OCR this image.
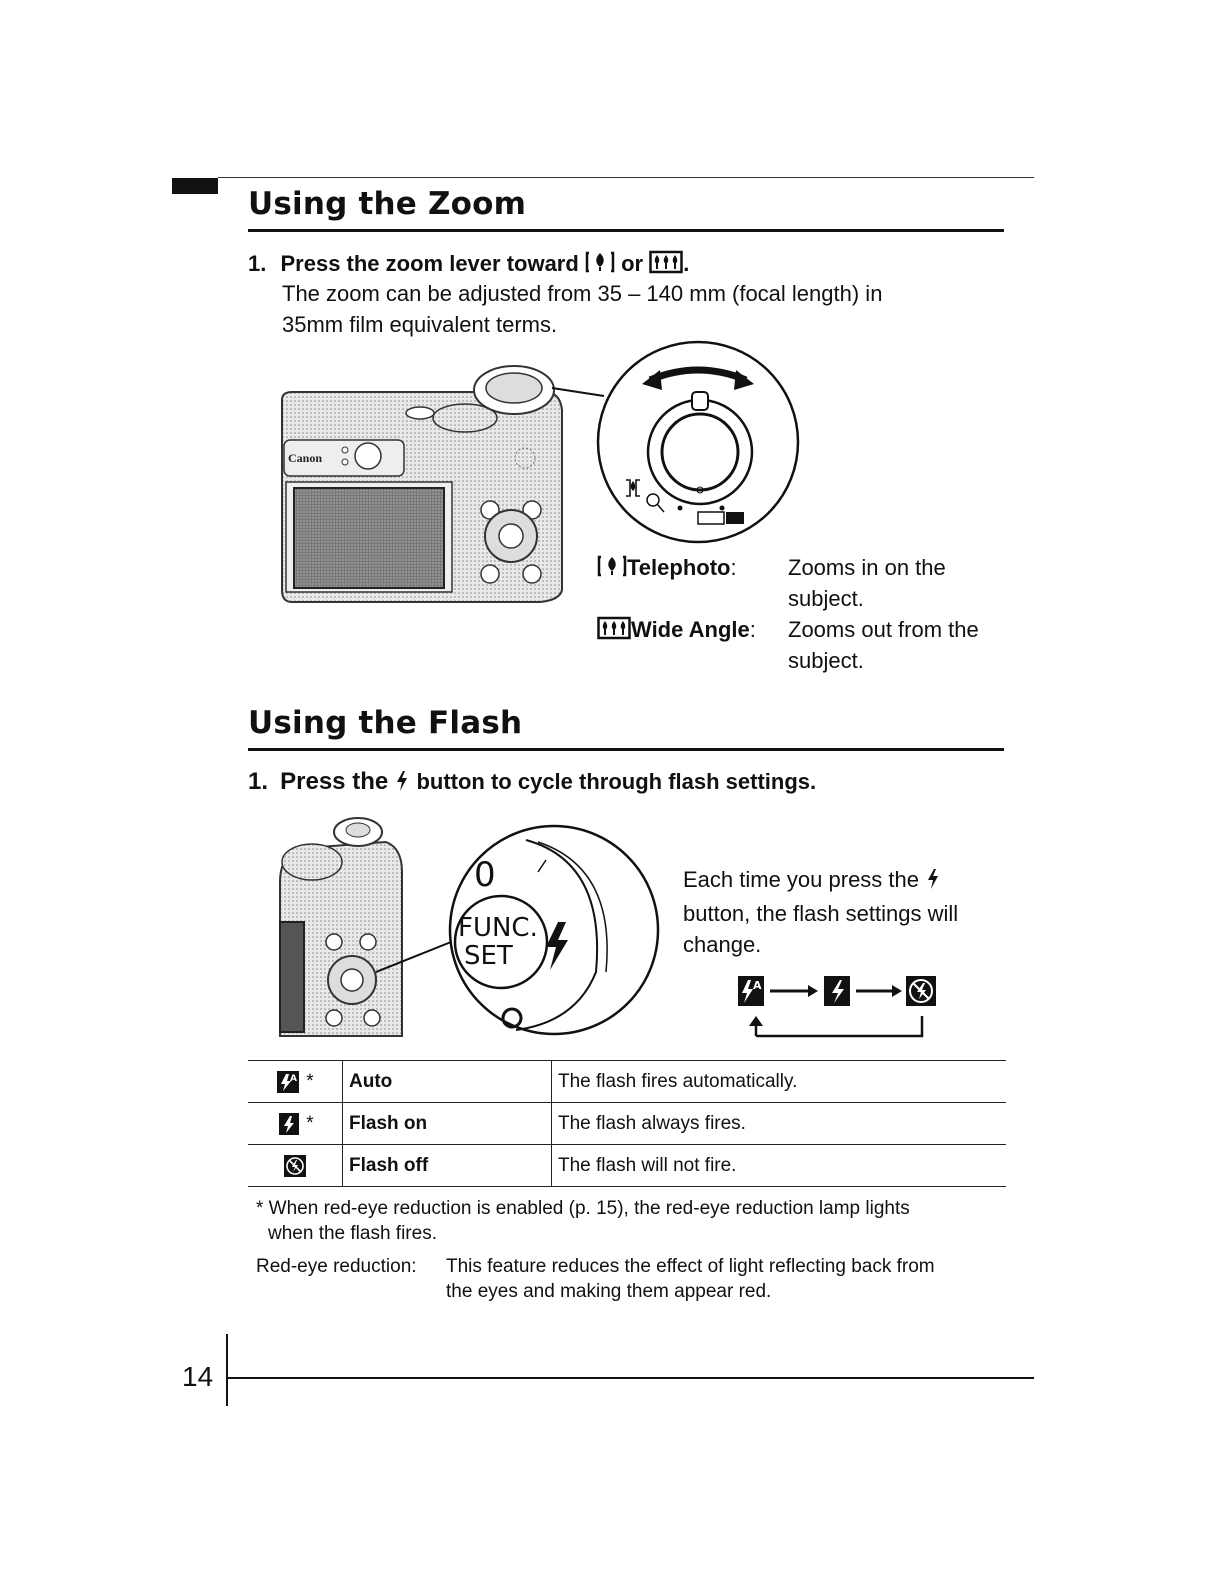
Using the Zoom
1. Press the zoom lever toward or .
The zoom can be adjusted from 35 – 140 mm (focal length) in
35mm film equivalent terms.
Canon
Telephoto: Zooms in on the
subject.
Wide Angle: Zooms out from the
subject.
Using the Flash
1. Press the button to cycle through flash settings.
0
FUNC.
SET
Each time you press the
button, the flash settings will
change.
A
A *	Auto	The flash fires automatically.
*	Flash on	The flash always fires.
	Flash off	The flash will not fire.
* When red-eye reduction is enabled (p. 15), the red-eye reduction lamp lights
when the flash fires.
Red-eye reduction: This feature reduces the effect of light reflecting back from
the eyes and making them appear red.
14
